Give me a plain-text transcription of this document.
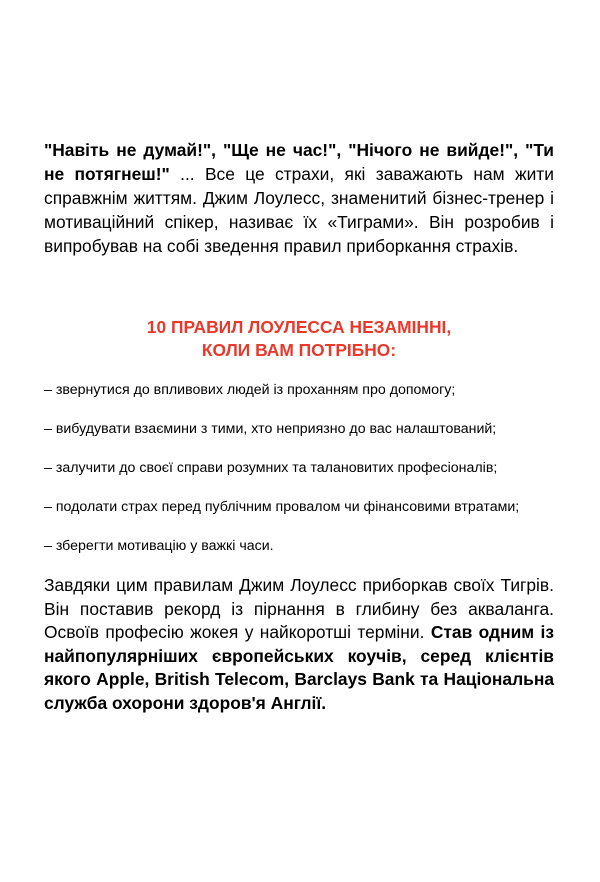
"Навіть не думай!", "Ще не час!", "Нічого не вийде!", "Ти не потягнеш!" ... Все це страхи, які заважають нам жити справжнім життям. Джим Лоулесс, знаменитий бізнес-тренер і мотиваційний спікер, називає їх «Тиграми». Він розробив і випробував на собі зведення правил приборкання страхів.

10 ПРАВИЛ ЛОУЛЕССА НЕЗАМІННІ,
КОЛИ ВАМ ПОТРІБНО:
– звернутися до впливових людей із проханням про допомогу;
– вибудувати взаємини з тими, хто неприязно до вас налаштований;
– залучити до своєї справи розумних та талановитих професіоналів;
– подолати страх перед публічним провалом чи фінансовими втратами;
– зберегти мотивацію у важкі часи.

Завдяки цим правилам Джим Лоулесс приборкав своїх Тигрів. Він поставив рекорд із пірнання в глибину без акваланга. Освоїв професію жокея у найкоротші терміни. Став одним із найпопулярніших європейських коучів, серед клієнтів якого Apple, British Telecom, Barclays Bank та Національна служба охорони здоров'я Англії.
